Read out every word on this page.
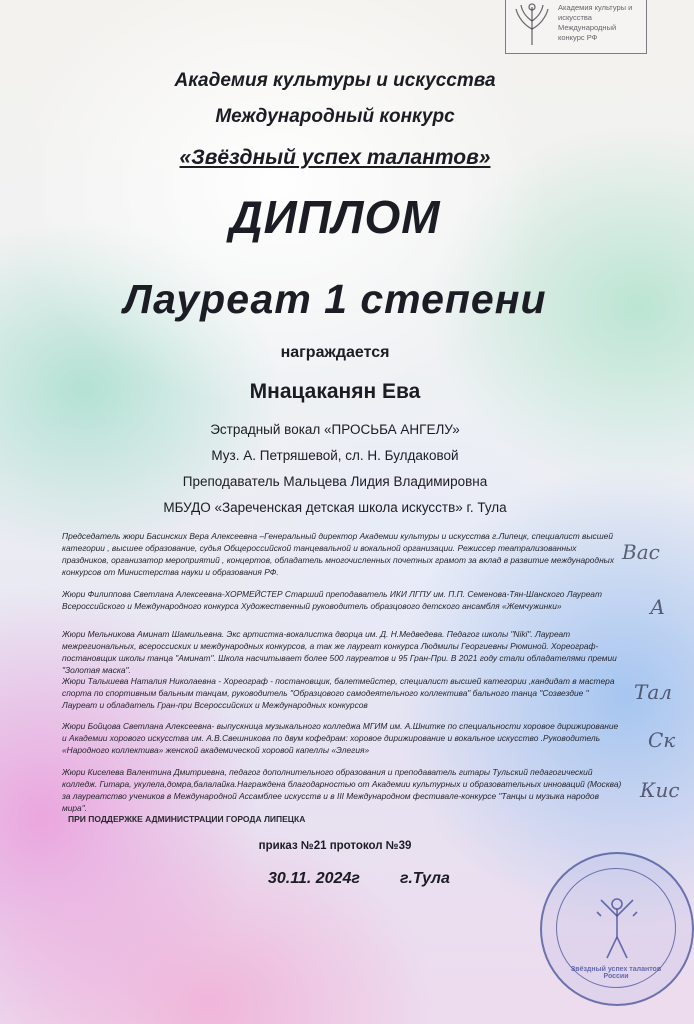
Академия культуры и искусства Международный конкурс РФ
Академия культуры и искусства
Международный конкурс
«Звёздный успех талантов»
ДИПЛОМ
Лауреат 1 степени
награждается
Мнацаканян Ева
Эстрадный вокал «ПРОСЬБА АНГЕЛУ»
Муз. А. Петряшевой, сл. Н. Булдаковой
Преподаватель Мальцева Лидия Владимировна
МБУДО «Зареченская детская школа искусств» г. Тула
Председатель жюри Басинских Вера Алексеевна –Генеральный директор Академии культуры и искусства г.Липецк, специалист высшей категории , высшее образование, судья Общероссийской танцевальной и вокальной организации. Режиссер театрализованных праздников, организатор мероприятий , концертов, обладатель многочисленных почетных грамот за вклад в развитие международных конкурсов от Министерства науки и образования РФ.
Жюри Филиппова Светлана Алексеевна-ХОРМЕЙСТЕР Старший преподаватель ИКИ ЛГПУ им. П.П. Семенова-Тян-Шанского Лауреат Всероссийского и Международного конкурса Художественный руководитель образцового детского ансамбля «Жемчужинки»
Жюри Мельникова Аминат Шамильевна. Экс артистка-вокалистка дворца им. Д. Н.Медведева. Педагог школы "Niki". Лауреат межрегиональных, всероссиских и международных конкурсов, а так же лауреат конкурса Людмилы Георгиевны Рюминой. Хореограф-постановщик школы танца "Аминат". Школа насчитывает более 500 лауреатов и 95 Гран-При. В 2021 году стали обладателями премии "Золотая маска".
Жюри Талышева Наталия Николаевна - Хореограф - постановщик, балетмейстер, специалист высшей категории ,кандидат в мастера спорта по спортивным бальным танцам, руководитель "Образцового самодеятельного коллектива" бального танца "Созвездие " Лауреат и обладатель Гран-при Всероссийских и Международных конкурсов
Жюри Бойцова Светлана Алексеевна- выпускница музыкального колледжа МГИМ им. А.Шнитке по специальности хоровое дирижирование и Академии хорового искусства им. А.В.Свешникова по двум кофедрам: хоровое дирижирование и вокальное искусство .Руководитель «Народного коллектива» женской академической хоровой капеллы «Элегия»
Жюри Киселева Валентина Дмитриевна, педагог дополнительного образования и преподаватель гитары Тульский педагогический колледж. Гитара, укулела,домра,балалайка.Награждена благодарностью от Академии культурных и образовательных инноваций (Москва) за лауреатство учеников в Международной Ассамблее искусств и в III Международном фестивале-конкурсе "Танцы и музыка народов мира".
Вас
А
Тал
Ск
Кис
ПРИ ПОДДЕРЖКЕ АДМИНИСТРАЦИИ ГОРОДА ЛИПЕЦКА
приказ №21 протокол №39
30.11. 2024г	г.Тула
Звёздный успех талантов России
